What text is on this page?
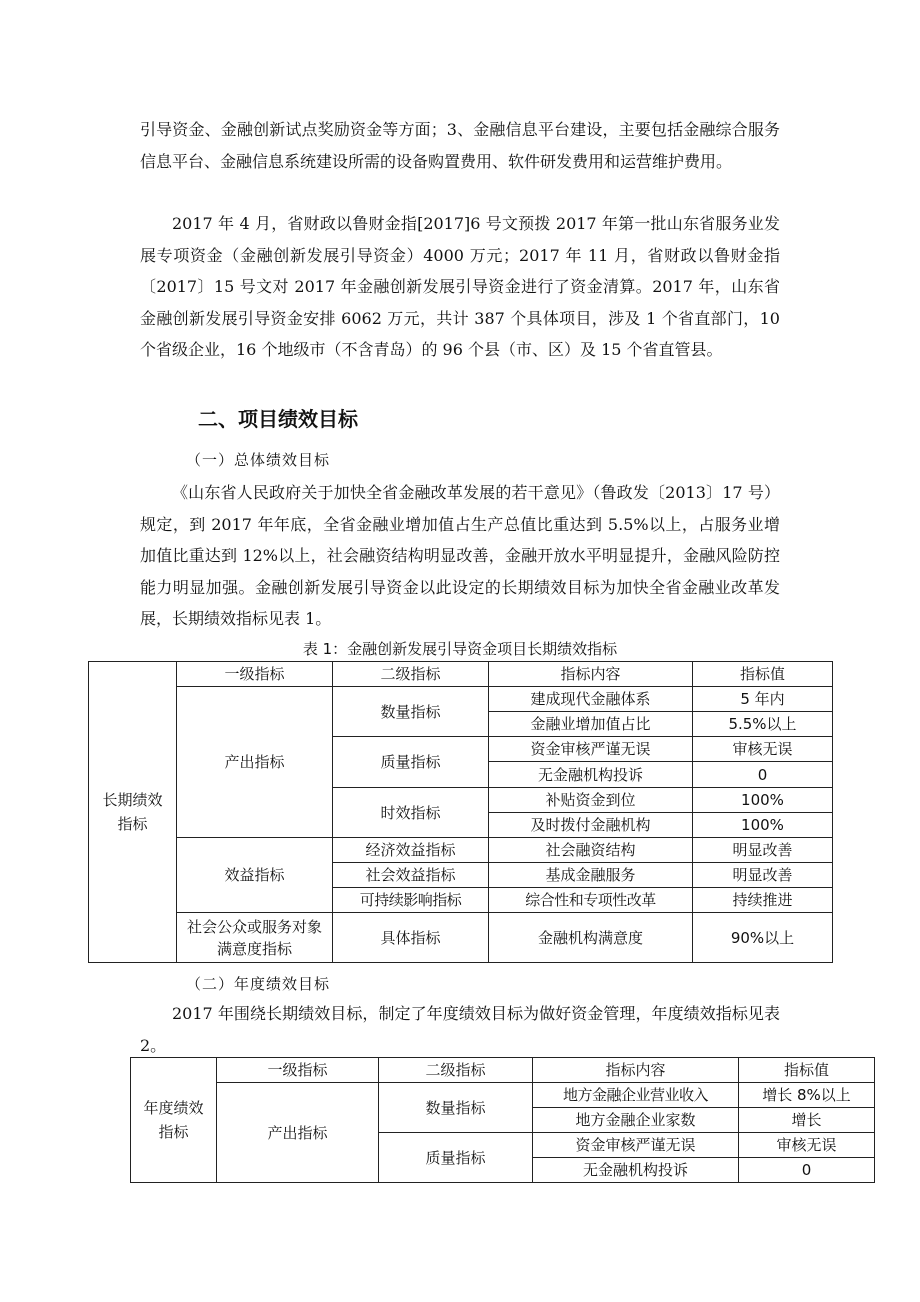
引导资金、金融创新试点奖励资金等方面；3、金融信息平台建设，主要包括金融综合服务信息平台、金融信息系统建设所需的设备购置费用、软件研发费用和运营维护费用。

2017 年 4 月，省财政以鲁财金指[2017]6 号文预拨 2017 年第一批山东省服务业发展专项资金（金融创新发展引导资金）4000 万元；2017 年 11 月，省财政以鲁财金指〔2017〕15 号文对 2017 年金融创新发展引导资金进行了资金清算。2017 年，山东省金融创新发展引导资金安排 6062 万元，共计 387 个具体项目，涉及 1 个省直部门，10 个省级企业，16 个地级市（不含青岛）的 96 个县（市、区）及 15 个省直管县。

二、项目绩效目标

（一）总体绩效目标

《山东省人民政府关于加快全省金融改革发展的若干意见》（鲁政发〔2013〕17 号）规定，到 2017 年年底，全省金融业增加值占生产总值比重达到 5.5%以上，占服务业增加值比重达到 12%以上，社会融资结构明显改善，金融开放水平明显提升，金融风险防控能力明显加强。金融创新发展引导资金以此设定的长期绩效目标为加快全省金融业改革发展，长期绩效指标见表 1。

表 1：金融创新发展引导资金项目长期绩效指标

长期绩效指标	一级指标	二级指标	指标内容	指标值
	产出指标	数量指标	建成现代金融体系	5 年内
			金融业增加值占比	5.5%以上
		质量指标	资金审核严谨无误	审核无误
			无金融机构投诉	0
		时效指标	补贴资金到位	100%
			及时拨付金融机构	100%
	效益指标	经济效益指标	社会融资结构	明显改善
		社会效益指标	基成金融服务	明显改善
		可持续影响指标	综合性和专项性改革	持续推进
	社会公众或服务对象满意度指标	具体指标	金融机构满意度	90%以上

（二）年度绩效目标

2017 年围绕长期绩效目标，制定了年度绩效目标为做好资金管理，年度绩效指标见表 2。

年度绩效指标	一级指标	二级指标	指标内容	指标值
	产出指标	数量指标	地方金融企业营业收入	增长 8%以上
			地方金融企业家数	增长
		质量指标	资金审核严谨无误	审核无误
			无金融机构投诉	0
